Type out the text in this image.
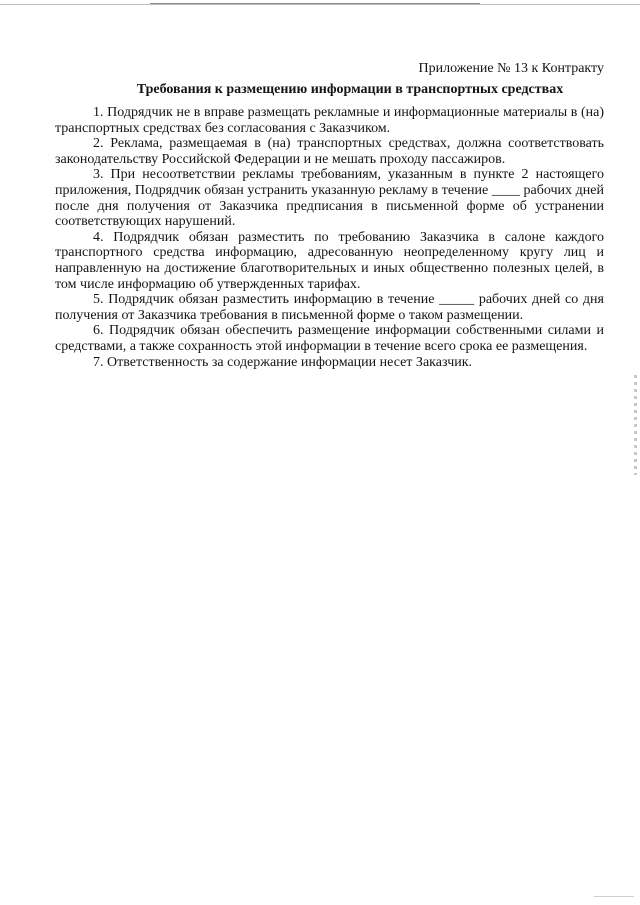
Приложение № 13 к Контракту
Требования к размещению информации в транспортных средствах

1. Подрядчик не в вправе размещать рекламные и информационные материалы в (на) транспортных средствах без согласования с Заказчиком.

2. Реклама, размещаемая в (на) транспортных средствах, должна соответствовать законодательству Российской Федерации и не мешать проходу пассажиров.

3. При несоответствии рекламы требованиям, указанным в пункте 2 настоящего приложения, Подрядчик обязан устранить указанную рекламу в течение ____ рабочих дней после дня получения от Заказчика предписания в письменной форме об устранении соответствующих нарушений.

4. Подрядчик обязан разместить по требованию Заказчика в салоне каждого транспортного средства информацию, адресованную неопределенному кругу лиц и направленную на достижение благотворительных и иных общественно полезных целей, в том числе информацию об утвержденных тарифах.

5. Подрядчик обязан разместить информацию в течение _____ рабочих дней со дня получения от Заказчика требования в письменной форме о таком размещении.

6. Подрядчик обязан обеспечить размещение информации собственными силами и средствами, а также сохранность этой информации в течение всего срока ее размещения.

7. Ответственность за содержание информации несет Заказчик.
